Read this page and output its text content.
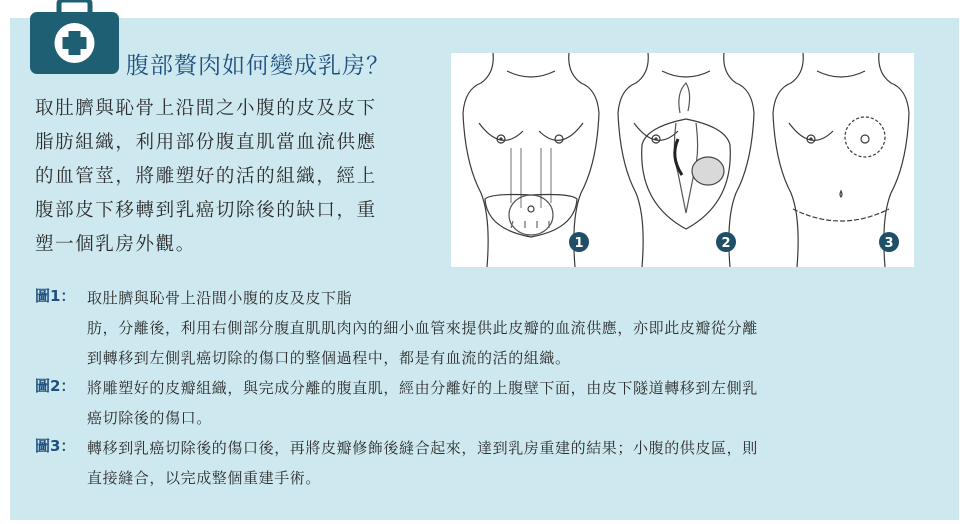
腹部贅肉如何變成乳房？
取肚臍與恥骨上沿間之小腹的皮及皮下
脂肪組織，利用部份腹直肌當血流供應
的血管莖，將雕塑好的活的組織，經上
腹部皮下移轉到乳癌切除後的缺口，重
塑一個乳房外觀。	1	2	3
圖1： 取肚臍與恥骨上沿間小腹的皮及皮下脂
肪，分離後，利用右側部分腹直肌肌肉內的細小血管來提供此皮瓣的血流供應，亦即此皮瓣從分離
到轉移到左側乳癌切除的傷口的整個過程中，都是有血流的活的組織。
圖2： 將雕塑好的皮瓣組織，與完成分離的腹直肌，經由分離好的上腹壁下面，由皮下隧道轉移到左側乳
癌切除後的傷口。
圖3： 轉移到乳癌切除後的傷口後，再將皮瓣修飾後縫合起來，達到乳房重建的結果；小腹的供皮區，則
直接縫合，以完成整個重建手術。
